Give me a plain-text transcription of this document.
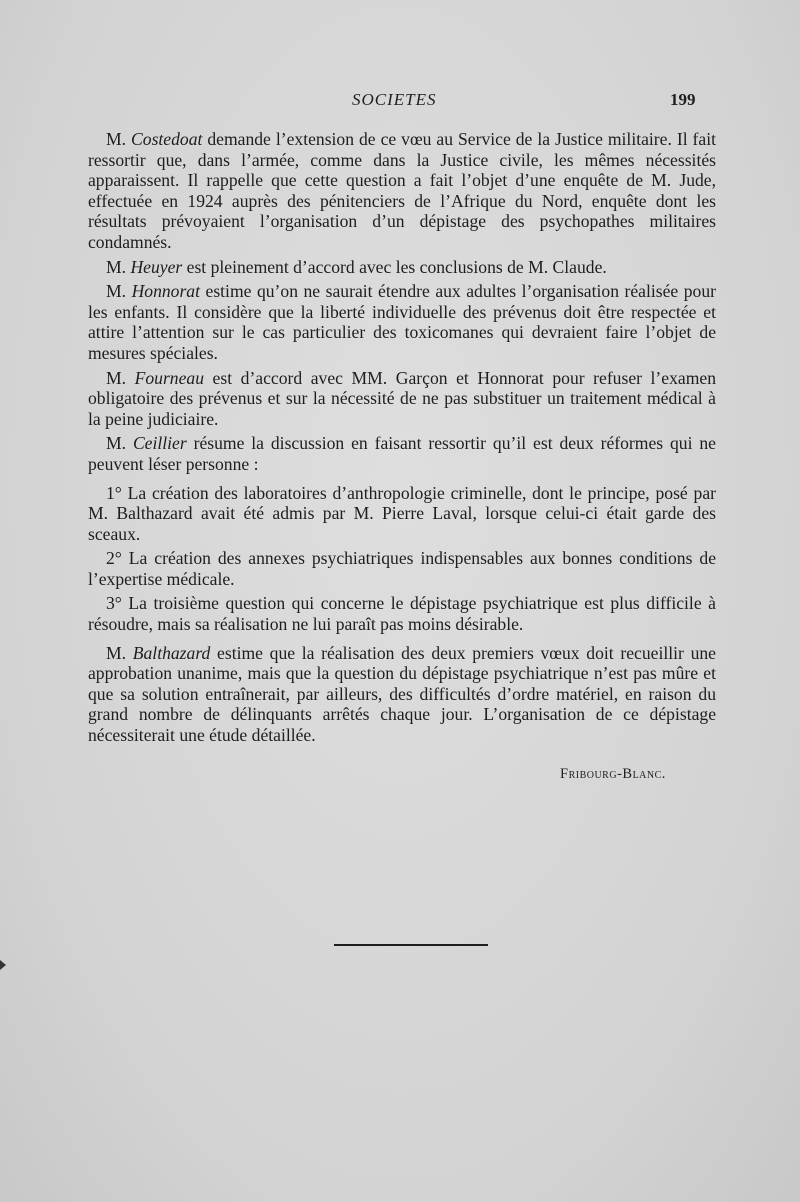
SOCIETES	199

M. Costedoat demande l’extension de ce vœu au Service de la Justice militaire. Il fait ressortir que, dans l’armée, comme dans la Justice civile, les mêmes nécessités apparaissent. Il rappelle que cette question a fait l’objet d’une enquête de M. Jude, effectuée en 1924 auprès des pénitenciers de l’Afrique du Nord, enquête dont les résultats prévoyaient l’organisation d’un dépistage des psychopathes militaires condamnés.

M. Heuyer est pleinement d’accord avec les conclusions de M. Claude.

M. Honnorat estime qu’on ne saurait étendre aux adultes l’organisation réalisée pour les enfants. Il considère que la liberté individuelle des prévenus doit être respectée et attire l’attention sur le cas particulier des toxicomanes qui devraient faire l’objet de mesures spéciales.

M. Fourneau est d’accord avec MM. Garçon et Honnorat pour refuser l’examen obligatoire des prévenus et sur la nécessité de ne pas substituer un traitement médical à la peine judiciaire.

M. Ceillier résume la discussion en faisant ressortir qu’il est deux réformes qui ne peuvent léser personne :

1° La création des laboratoires d’anthropologie criminelle, dont le principe, posé par M. Balthazard avait été admis par M. Pierre Laval, lorsque celui-ci était garde des sceaux.

2° La création des annexes psychiatriques indispensables aux bonnes conditions de l’expertise médicale.

3° La troisième question qui concerne le dépistage psychiatrique est plus difficile à résoudre, mais sa réalisation ne lui paraît pas moins désirable.

M. Balthazard estime que la réalisation des deux premiers vœux doit recueillir une approbation unanime, mais que la question du dépistage psychiatrique n’est pas mûre et que sa solution entraînerait, par ailleurs, des difficultés d’ordre matériel, en raison du grand nombre de délinquants arrêtés chaque jour. L’organisation de ce dépistage nécessiterait une étude détaillée.

Fribourg-Blanc.
